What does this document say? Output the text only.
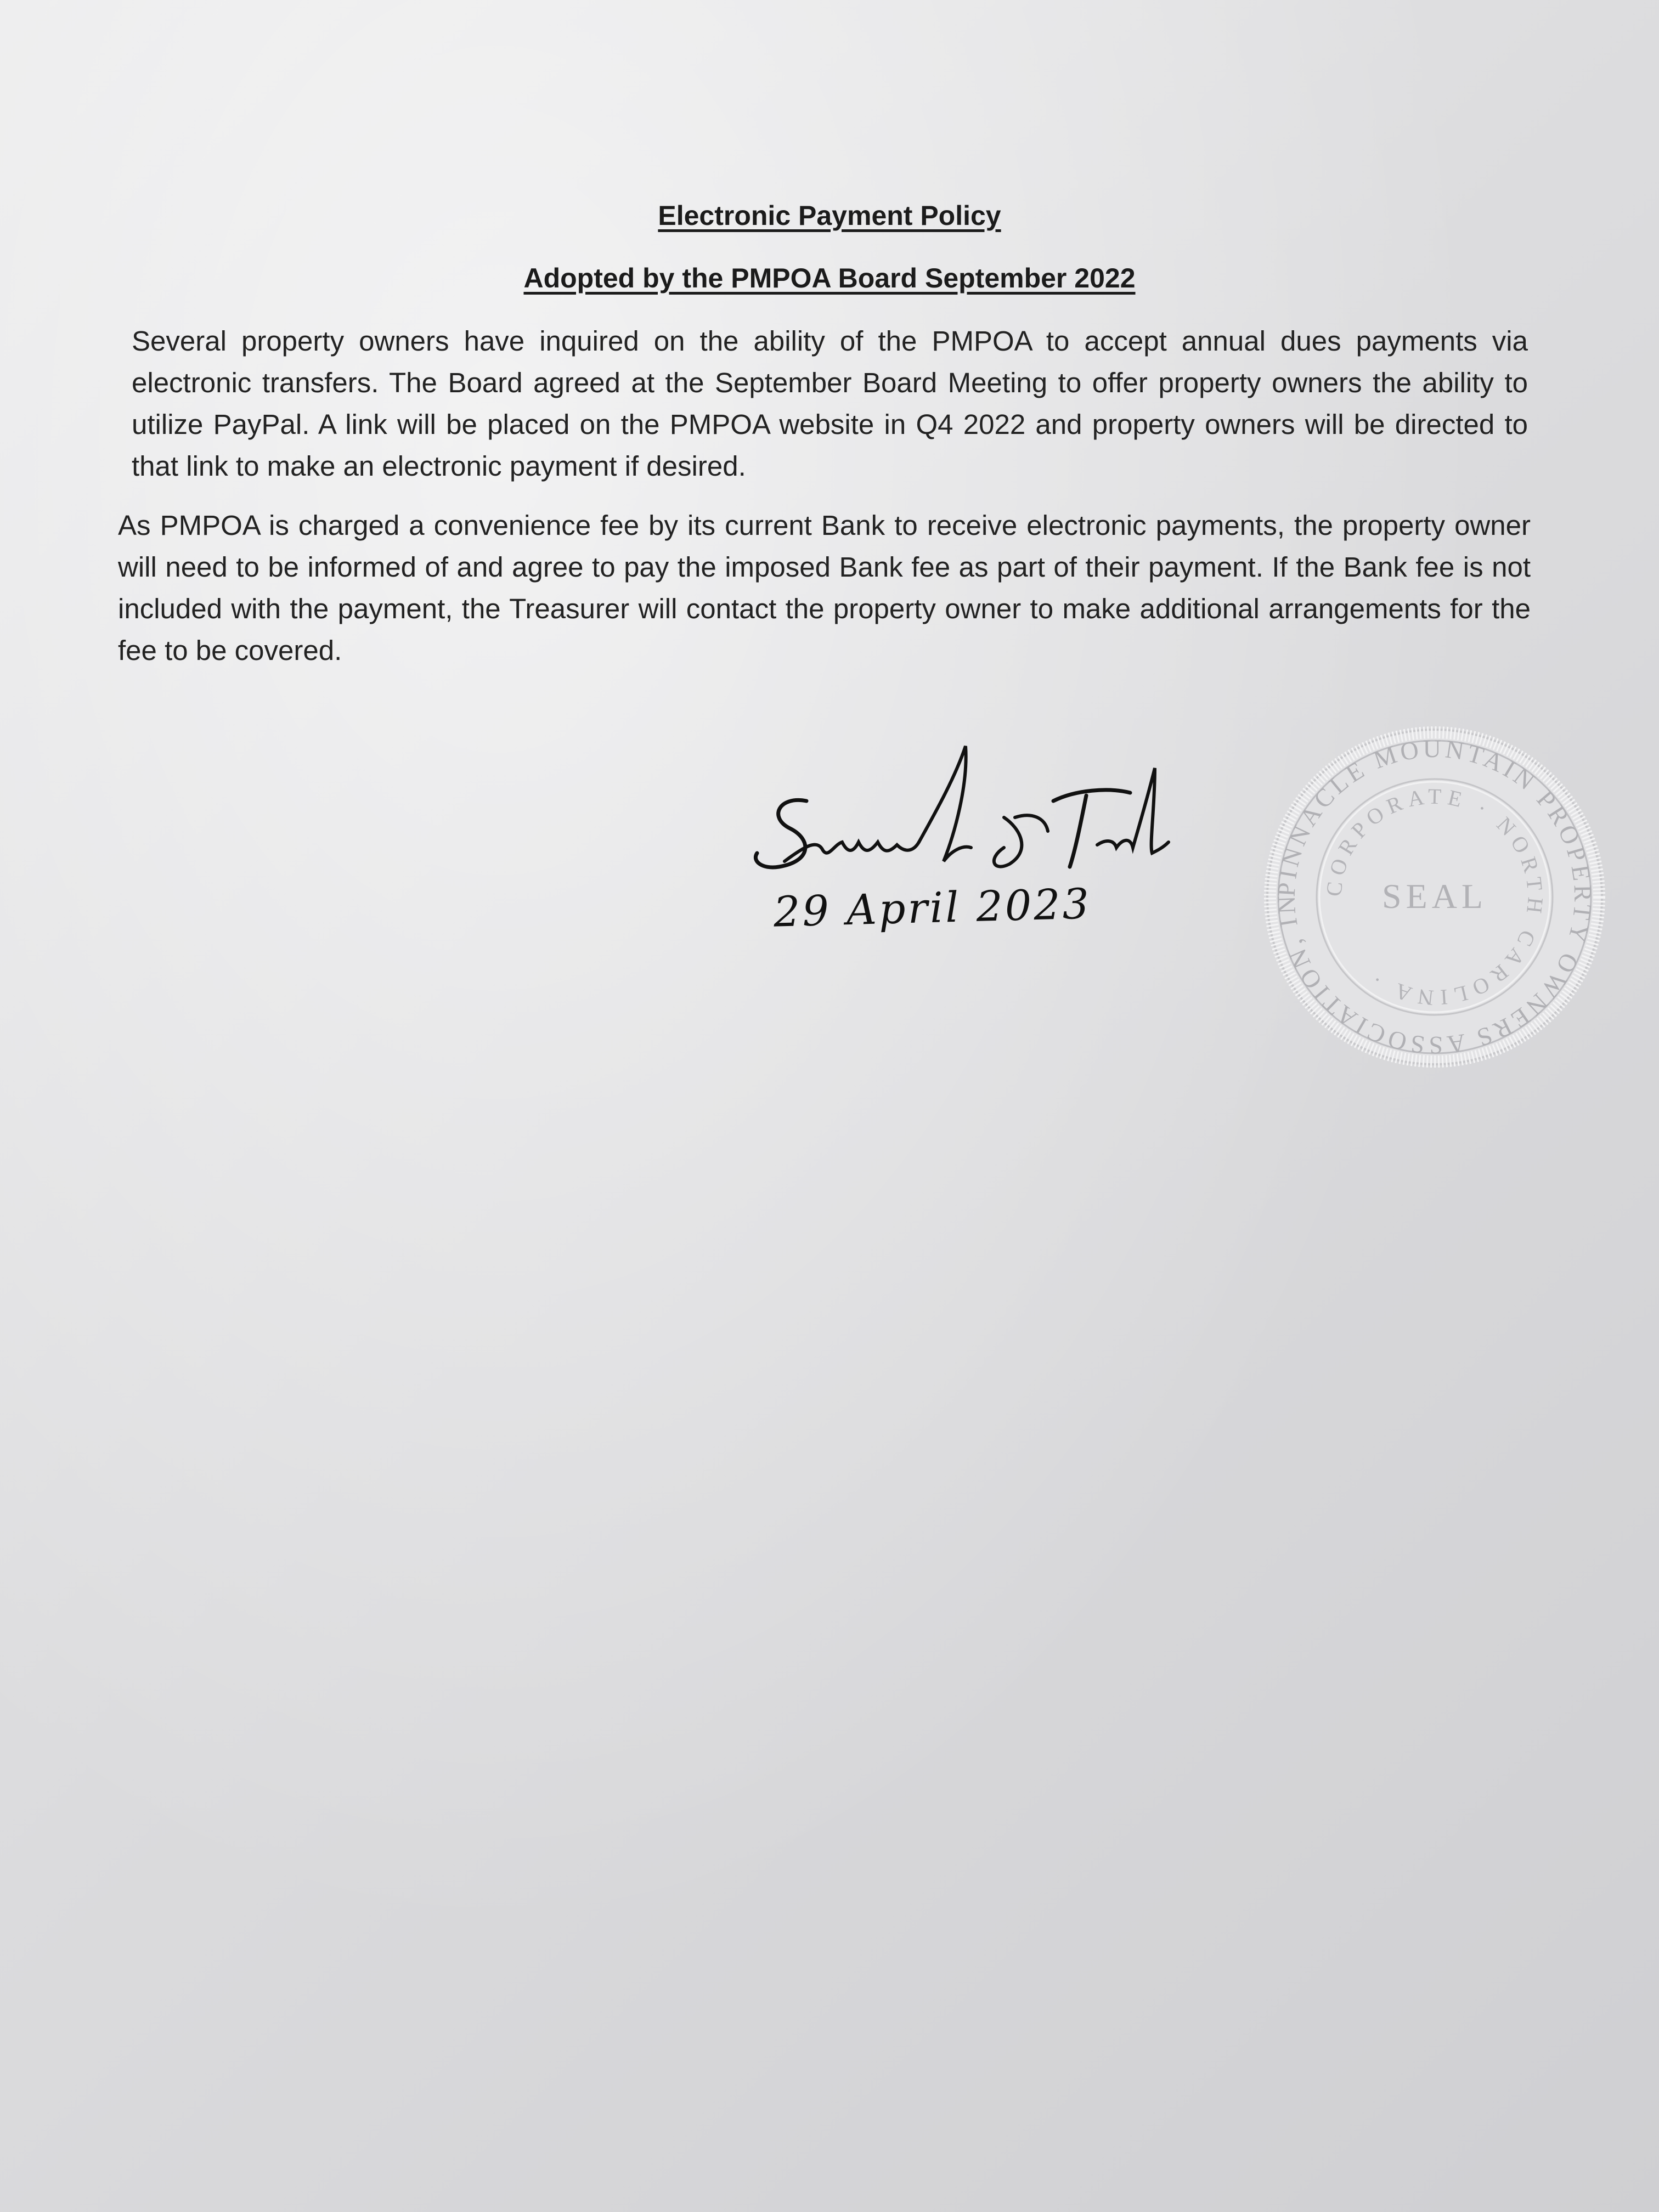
Electronic Payment Policy
Adopted by the PMPOA Board September 2022

Several property owners have inquired on the ability of the PMPOA to accept annual dues payments via electronic transfers. The Board agreed at the September Board Meeting to offer property owners the ability to utilize PayPal. A link will be placed on the PMPOA website in Q4 2022 and property owners will be directed to that link to make an electronic payment if desired.

As PMPOA is charged a convenience fee by its current Bank to receive electronic payments, the property owner will need to be informed of and agree to pay the imposed Bank fee as part of their payment. If the Bank fee is not included with the payment, the Treasurer will contact the property owner to make additional arrangements for the fee to be covered.

29 April 2023	PINNACLE MOUNTAIN PROPERTY OWNERS ASSOCIATION, IN
CORPORATE · NORTH CAROLINA ·
SEAL
